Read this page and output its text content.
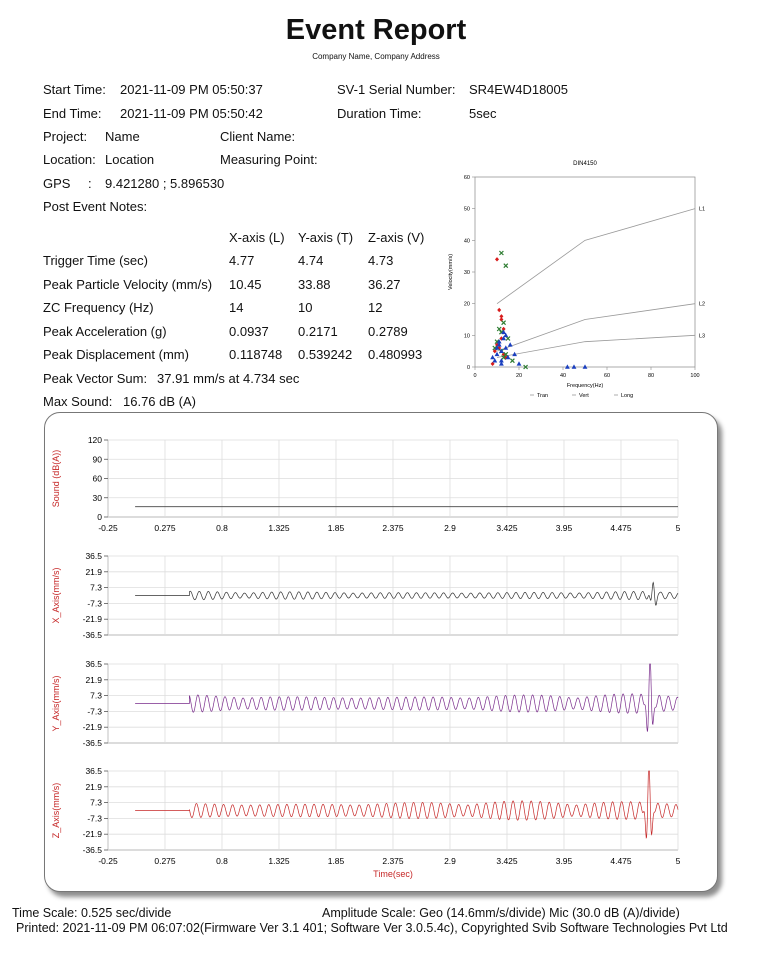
Event Report
Company Name, Company Address
Start Time: 2021-11-09 PM 05:50:37	SV-1 Serial Number: SR4EW4D18005
End Time: 2021-11-09 PM 05:50:42	Duration Time:	5sec
Project: Name	Client Name:
Location: Location	Measuring Point:
GPS : 9.421280 ; 5.896530
Post Event Notes:
X-axis (L) Y-axis (T) Z-axis (V)
Trigger Time (sec)	4.77	4.74	4.73
Peak Particle Velocity (mm/s) 10.45	33.88	36.27
ZC Frequency (Hz)	14	10	12
Peak Acceleration (g)	0.0937 0.2171 0.2789
Peak Displacement (mm)	0.118748 0.539242 0.480993
Peak Vector Sum: 37.91 mm/s at 4.734 sec
Max Sound: 16.76 dB (A)
DIN4150
0	20	40	60	80	100
0
10
20
30
40
50
60
Frequency(Hz)
Velocity(mm/s)
L1
L2
L3
Tran	Vert	Long
0
30
60
90
120
Sound (dB(A))
-0.25	0.275	0.8	1.325	1.85	2.375	2.9	3.425	3.95	4.475	5
36.5
21.9
7.3
-7.3
-21.9
-36.5
X_Axis(mm/s)
36.5
21.9
7.3
-7.3
-21.9
-36.5
Y_Axis(mm/s)
36.5
21.9
7.3
-7.3
-21.9
-36.5
Z_Axis(mm/s)
-0.25	0.275	0.8	1.325	1.85	2.375	2.9	3.425	3.95	4.475	5
Time(sec)
Time Scale: 0.525 sec/divide	Amplitude Scale: Geo (14.6mm/s/divide) Mic (30.0 dB (A)/divide)
Printed: 2021-11-09 PM 06:07:02(Firmware Ver 3.1 401; Software Ver 3.0.5.4c), Copyrighted Svib Software Technologies Pvt Ltd
